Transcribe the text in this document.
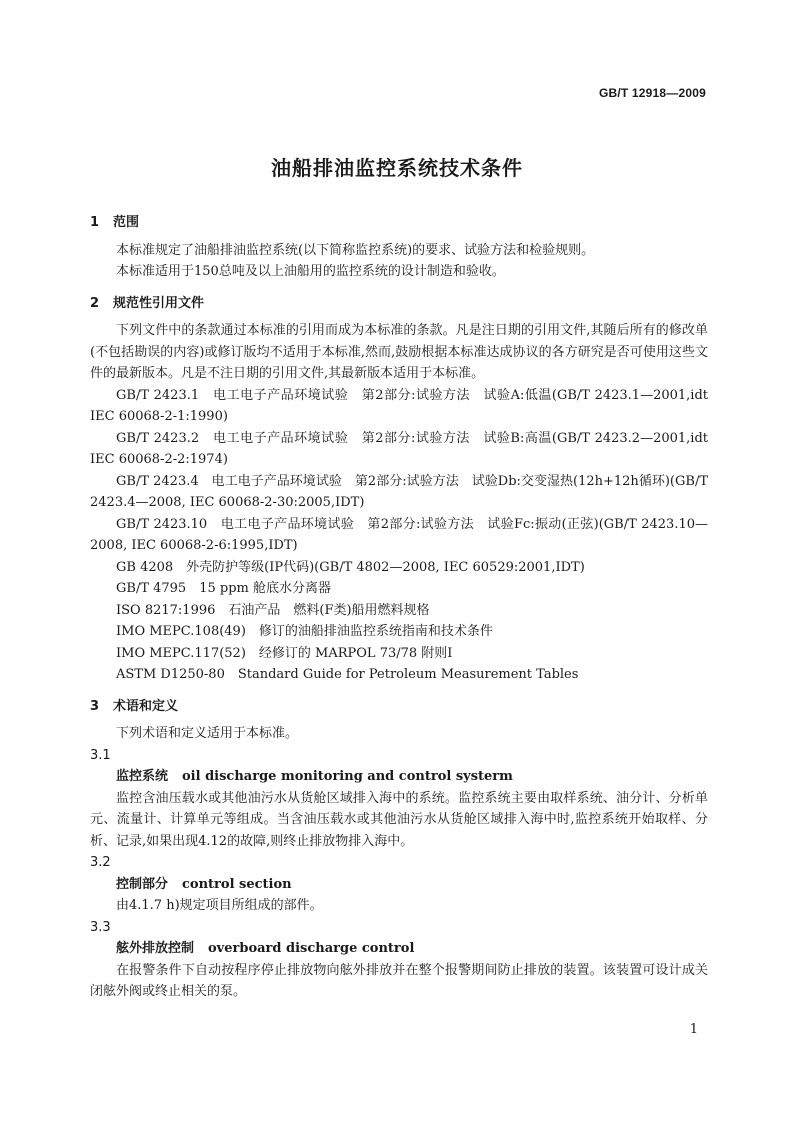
GB/T 12918—2009
油船排油监控系统技术条件
1 范围

本标准规定了油船排油监控系统(以下简称监控系统)的要求、试验方法和检验规则。

本标准适用于150总吨及以上油船用的监控系统的设计制造和验收。

2 规范性引用文件

下列文件中的条款通过本标准的引用而成为本标准的条款。凡是注日期的引用文件,其随后所有的修改单(不包括勘误的内容)或修订版均不适用于本标准,然而,鼓励根据本标准达成协议的各方研究是否可使用这些文件的最新版本。凡是不注日期的引用文件,其最新版本适用于本标准。

GB/T 2423.1　电工电子产品环境试验　第2部分:试验方法　试验A:低温(GB/T 2423.1—2001,idt IEC 60068-2-1:1990)

GB/T 2423.2　电工电子产品环境试验　第2部分:试验方法　试验B:高温(GB/T 2423.2—2001,idt IEC 60068-2-2:1974)

GB/T 2423.4　电工电子产品环境试验　第2部分:试验方法　试验Db:交变湿热(12h+12h循环)(GB/T 2423.4—2008, IEC 60068-2-30:2005,IDT)

GB/T 2423.10　电工电子产品环境试验　第2部分:试验方法　试验Fc:振动(正弦)(GB/T 2423.10—2008, IEC 60068-2-6:1995,IDT)

GB 4208　外壳防护等级(IP代码)(GB/T 4802—2008, IEC 60529:2001,IDT)

GB/T 4795　15 ppm 舱底水分离器

ISO 8217:1996　石油产品　燃料(F类)船用燃料规格

IMO MEPC.108(49)　修订的油船排油监控系统指南和技术条件

IMO MEPC.117(52)　经修订的 MARPOL 73/78 附则Ⅰ

ASTM D1250-80　Standard Guide for Petroleum Measurement Tables

3 术语和定义

下列术语和定义适用于本标准。

3.1

监控系统 oil discharge monitoring and control systerm

监控含油压载水或其他油污水从货舱区域排入海中的系统。监控系统主要由取样系统、油分计、分析单元、流量计、计算单元等组成。当含油压载水或其他油污水从货舱区域排入海中时,监控系统开始取样、分析、记录,如果出现4.12的故障,则终止排放物排入海中。

3.2

控制部分 control section

由4.1.7 h)规定项目所组成的部件。

3.3

舷外排放控制 overboard discharge control

在报警条件下自动按程序停止排放物向舷外排放并在整个报警期间防止排放的装置。该装置可设计成关闭舷外阀或终止相关的泵。

1
